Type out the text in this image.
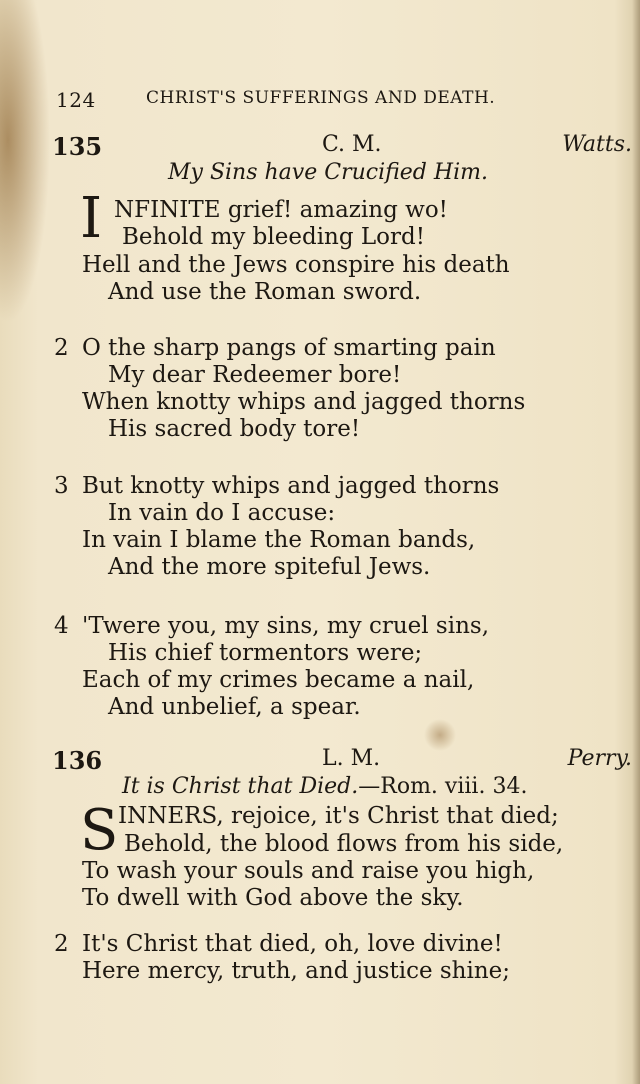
124	CHRIST'S SUFFERINGS AND DEATH.
135	C. M.	Watts.
My Sins have Crucified Him.
I NFINITE grief! amazing wo!
Behold my bleeding Lord!
Hell and the Jews conspire his death
And use the Roman sword.
2 O the sharp pangs of smarting pain
My dear Redeemer bore!
When knotty whips and jagged thorns
His sacred body tore!
3 But knotty whips and jagged thorns
In vain do I accuse:
In vain I blame the Roman bands,
And the more spiteful Jews.
4 'Twere you, my sins, my cruel sins,
His chief tormentors were;
Each of my crimes became a nail,
And unbelief, a spear.
136	L. M.	Perry.
It is Christ that Died.—Rom. viii. 34.
S INNERS, rejoice, it's Christ that died;
Behold, the blood flows from his side,
To wash your souls and raise you high,
To dwell with God above the sky.
2 It's Christ that died, oh, love divine!
Here mercy, truth, and justice shine;
